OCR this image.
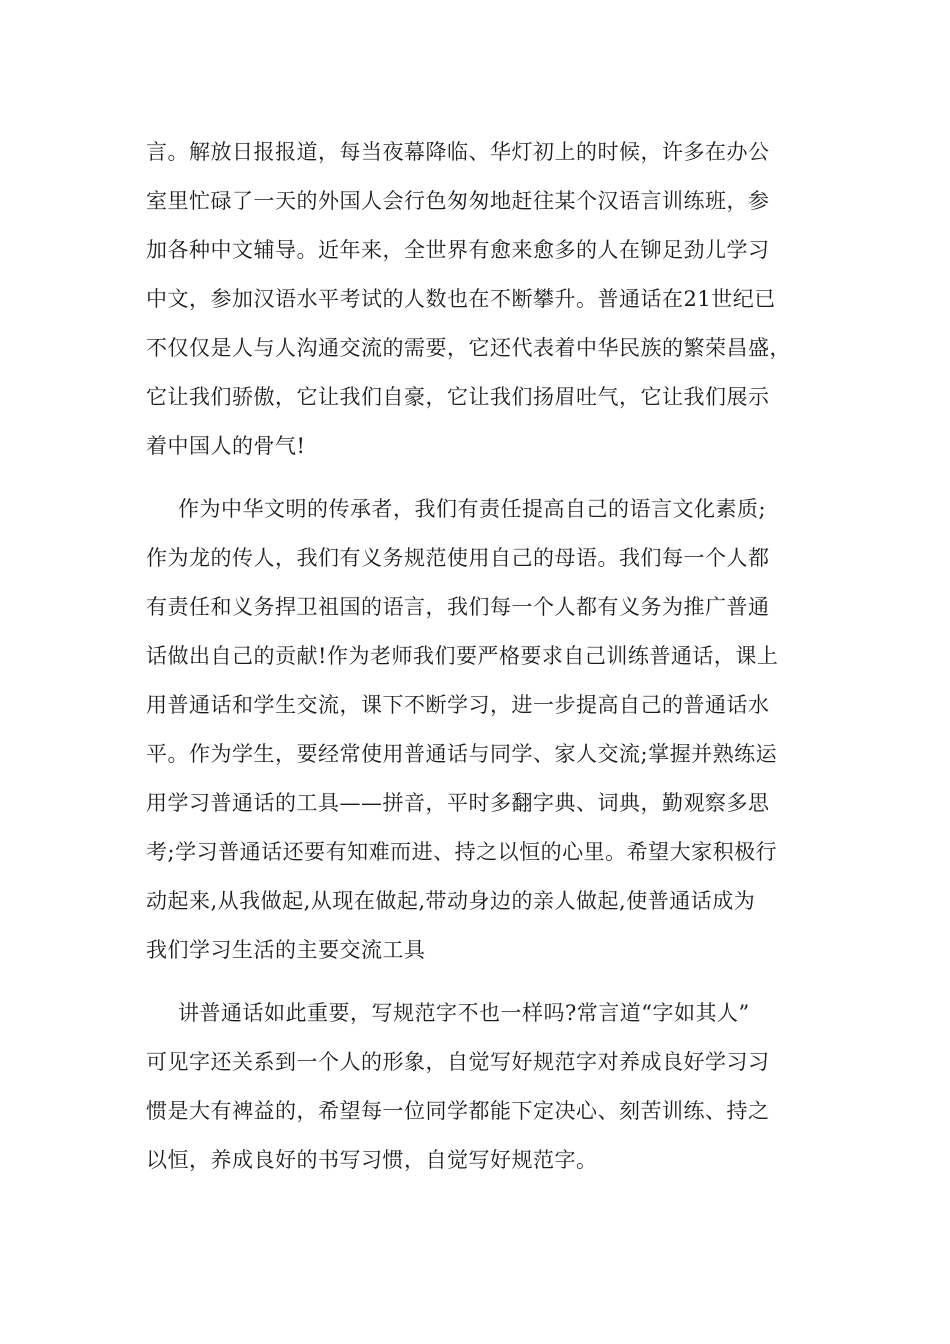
言。解放日报报道，每当夜幕降临、华灯初上的时候，许多在办公
室里忙碌了一天的外国人会行色匆匆地赶往某个汉语言训练班，参
加各种中文辅导。近年来，全世界有愈来愈多的人在铆足劲儿学习
中文，参加汉语水平考试的人数也在不断攀升。普通话在21世纪已
不仅仅是人与人沟通交流的需要，它还代表着中华民族的繁荣昌盛，
它让我们骄傲，它让我们自豪，它让我们扬眉吐气，它让我们展示
着中国人的骨气!
作为中华文明的传承者，我们有责任提高自己的语言文化素质;
作为龙的传人，我们有义务规范使用自己的母语。我们每一个人都
有责任和义务捍卫祖国的语言，我们每一个人都有义务为推广普通
话做出自己的贡献!作为老师我们要严格要求自己训练普通话，课上
用普通话和学生交流，课下不断学习，进一步提高自己的普通话水
平。作为学生，要经常使用普通话与同学、家人交流;掌握并熟练运
用学习普通话的工具——拼音，平时多翻字典、词典，勤观察多思
考;学习普通话还要有知难而进、持之以恒的心里。希望大家积极行
动起来,从我做起,从现在做起,带动身边的亲人做起,使普通话成为
我们学习生活的主要交流工具
讲普通话如此重要，写规范字不也一样吗?常言道“字如其人”
可见字还关系到一个人的形象，自觉写好规范字对养成良好学习习
惯是大有裨益的，希望每一位同学都能下定决心、刻苦训练、持之
以恒，养成良好的书写习惯，自觉写好规范字。
